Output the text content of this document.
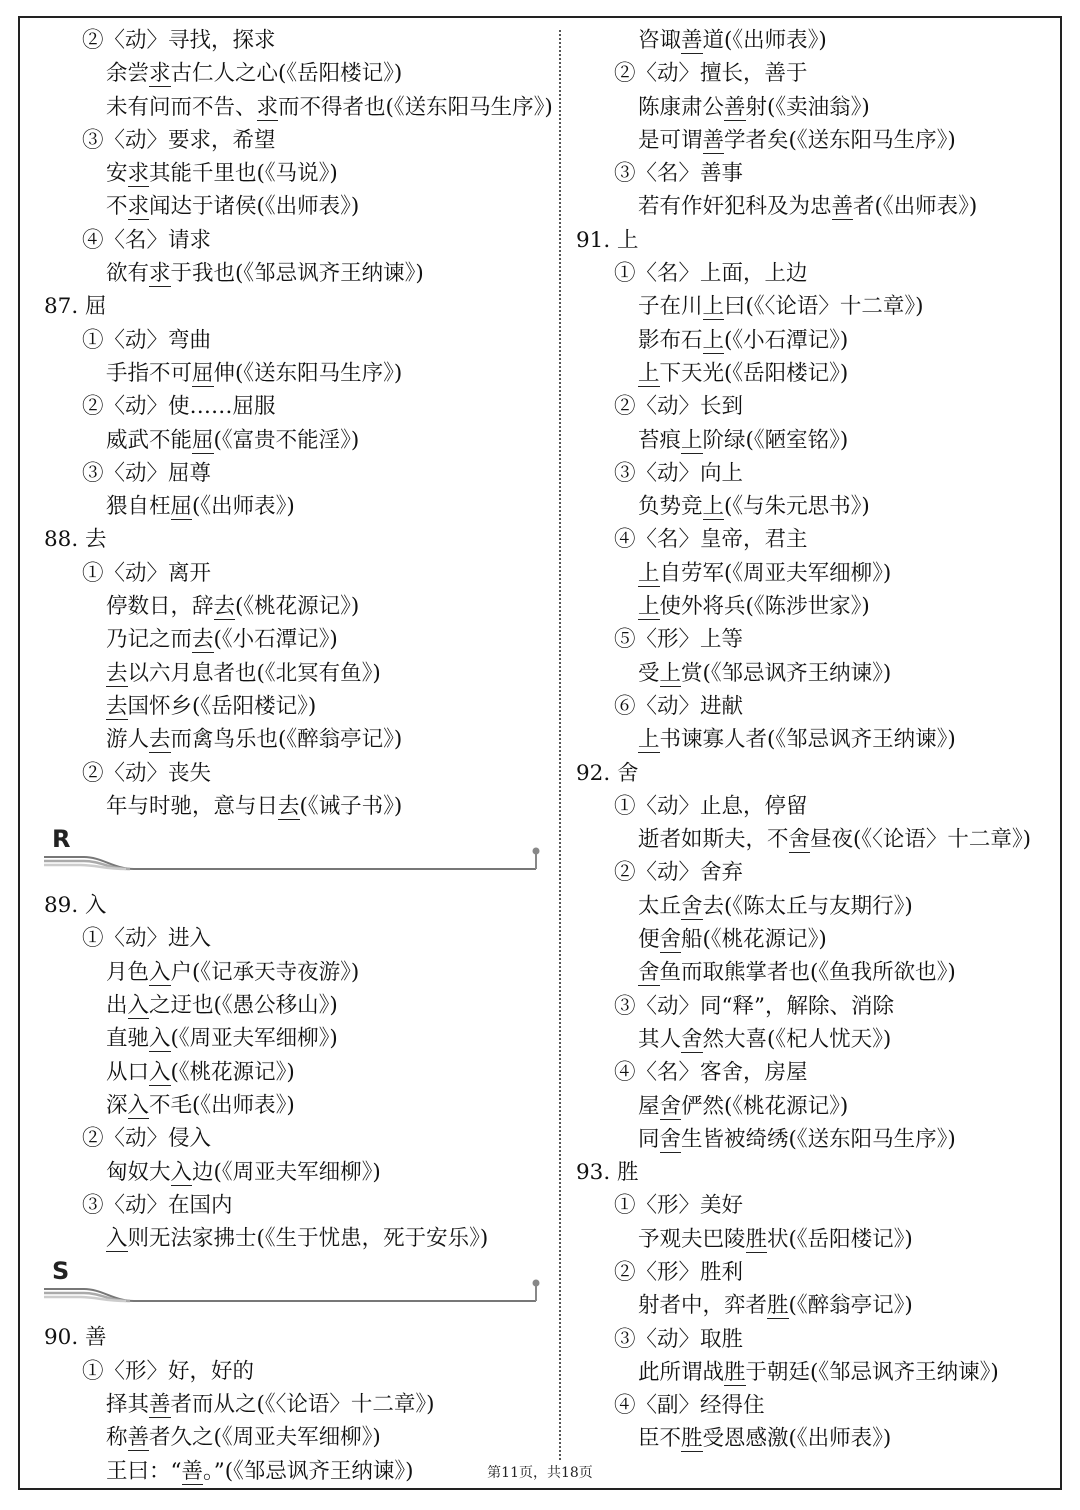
②〈动〉寻找，探求
余尝求古仁人之心(《岳阳楼记》)
未有问而不告、求而不得者也(《送东阳马生序》)
③〈动〉要求，希望
安求其能千里也(《马说》)
不求闻达于诸侯(《出师表》)
④〈名〉请求
欲有求于我也(《邹忌讽齐王纳谏》)
87. 屈
①〈动〉弯曲
手指不可屈伸(《送东阳马生序》)
②〈动〉使……屈服
威武不能屈(《富贵不能淫》)
③〈动〉屈尊
猥自枉屈(《出师表》)
88. 去
①〈动〉离开
停数日，辞去(《桃花源记》)
乃记之而去(《小石潭记》)
去以六月息者也(《北冥有鱼》)
去国怀乡(《岳阳楼记》)
游人去而禽鸟乐也(《醉翁亭记》)
②〈动〉丧失
年与时驰，意与日去(《诫子书》)
R
89. 入
①〈动〉进入
月色入户(《记承天寺夜游》)
出入之迂也(《愚公移山》)
直驰入(《周亚夫军细柳》)
从口入(《桃花源记》)
深入不毛(《出师表》)
②〈动〉侵入
匈奴大入边(《周亚夫军细柳》)
③〈动〉在国内
入则无法家拂士(《生于忧患，死于安乐》)
S
90. 善
①〈形〉好，好的
择其善者而从之(《〈论语〉十二章》)
称善者久之(《周亚夫军细柳》)
王曰：“善。”(《邹忌讽齐王纳谏》)
咨诹善道(《出师表》)
②〈动〉擅长，善于
陈康肃公善射(《卖油翁》)
是可谓善学者矣(《送东阳马生序》)
③〈名〉善事
若有作奸犯科及为忠善者(《出师表》)
91. 上
①〈名〉上面，上边
子在川上曰(《〈论语〉十二章》)
影布石上(《小石潭记》)
上下天光(《岳阳楼记》)
②〈动〉长到
苔痕上阶绿(《陋室铭》)
③〈动〉向上
负势竞上(《与朱元思书》)
④〈名〉皇帝，君主
上自劳军(《周亚夫军细柳》)
上使外将兵(《陈涉世家》)
⑤〈形〉上等
受上赏(《邹忌讽齐王纳谏》)
⑥〈动〉进献
上书谏寡人者(《邹忌讽齐王纳谏》)
92. 舍
①〈动〉止息，停留
逝者如斯夫，不舍昼夜(《〈论语〉十二章》)
②〈动〉舍弃
太丘舍去(《陈太丘与友期行》)
便舍船(《桃花源记》)
舍鱼而取熊掌者也(《鱼我所欲也》)
③〈动〉同“释”，解除、消除
其人舍然大喜(《杞人忧天》)
④〈名〉客舍，房屋
屋舍俨然(《桃花源记》)
同舍生皆被绮绣(《送东阳马生序》)
93. 胜
①〈形〉美好
予观夫巴陵胜状(《岳阳楼记》)
②〈形〉胜利
射者中，弈者胜(《醉翁亭记》)
③〈动〉取胜
此所谓战胜于朝廷(《邹忌讽齐王纳谏》)
④〈副〉经得住
臣不胜受恩感激(《出师表》)
第11页，共18页
